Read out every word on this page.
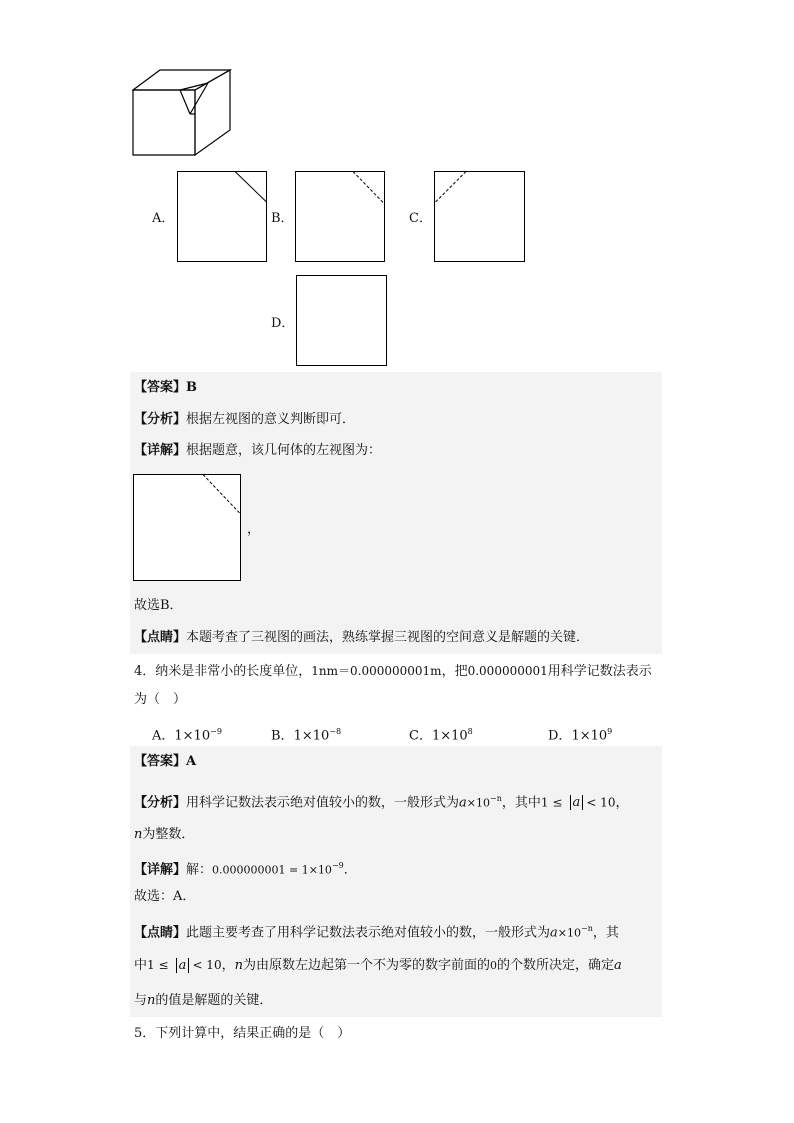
A．	B．	C．
D．
【答案】B
【分析】根据左视图的意义判断即可．
【详解】根据题意，该几何体的左视图为：
，
故选B．
【点睛】本题考查了三视图的画法，熟练掌握三视图的空间意义是解题的关键．
4．纳米是非常小的长度单位，1nm＝0.000000001m，把0.000000001用科学记数法表示
为（　）
A．$1\times 10^{-9}$	B．$1\times 10^{-8}$	C．$1\times 10^8$	D．$1\times 10^9$
【答案】A
【分析】用科学记数法表示绝对值较小的数，一般形式为$a\times 10^{-n}$，其中1 ≤ a < 10，
n为整数．
【详解】解：$0.000000001 = 1\times 10^{-9}$．
故选：A．
【点睛】此题主要考查了用科学记数法表示绝对值较小的数，一般形式为$a\times 10^{-n}$，其
中1 ≤ a < 10，n为由原数左边起第一个不为零的数字前面的0的个数所决定，确定a
与n的值是解题的关键．
5．下列计算中，结果正确的是（　）
